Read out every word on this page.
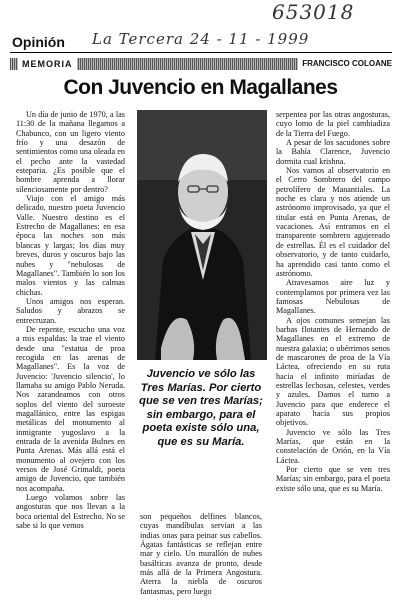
653018
Opinión La Tercera 24 - 11 - 1999
MEMORIA	FRANCISCO COLOANE
Con Juvencio en Magallanes

Un día de junio de 1970, a las 11:30 de la mañana llegamos a Chabunco, con un ligero viento frío y una desazón de sentimientos como una oleada en el pecho ante la vastedad esteparia. ¿Es posible que el hombre aprenda a llorar silenciosamente por dentro?

Viajo con el amigo más delicado, nuestro poeta Juvencio Valle. Nuestro destino es el Estrecho de Magallanes: en esa época las noches son más blancas y largas; los días muy breves, duros y oscuros bajo las nubes y "nebulosas de Magallanes". También lo son los malos vientos y las calmas chichas.

Unos amigos nos esperan. Saludos y abrazos se entrecruzan.

De repente, escucho una voz a mis espaldas: la trae el viento desde una "estatua de proa recogida en las arenas de Magallanes". Es la voz de Juvencio: 'Juvencio silencio', lo llamaba su amigo Pablo Neruda. Nos zarandeamos con otros soplos del viento del suroeste magallánico, entre las espigas metálicas del monumento al inmigrante yugoslavo a la entrada de la avenida Bulnes en Punta Arenas. Más allá está el monumento al ovejero con los versos de José Grimaldi, poeta amigo de Juvencio, que también nos acompaña.

Luego volamos sobre las angosturas que nos llevan a la boca oriental del Estrecho. No se sabe si lo que vemos

Juvencio ve sólo las Tres Marías. Por cierto que se ven tres Marías; sin embargo, para el poeta existe sólo una, que es su María.

son pequeños delfines blancos, cuyas mandíbulas servían a las indias onas para peinar sus cabellos. Ágatas fantásticas se reflejan entre mar y cielo. Un murallón de nubes basálticas avanza de pronto, desde más allá de la Primera Angostura. Aterra la niebla de oscuros fantasmas, pero luego

serpentea por las otras angosturas, cuyo lomo de la piel cambiadiza de la Tierra del Fuego.

A pesar de los sacudones sobre la Bahía Clarence, Juvencio dormita cual krishna.

Nos vamos al observatorio en el Cerro Sombrero del campo petrolífero de Manantiales. La noche es clara y nos atiende un astrónomo improvisado, ya que el titular está en Punta Arenas, de vacaciones. Así entramos en el transparente sombrero agujereado de estrellas. Él es el cuidador del observatorio, y de tanto cuidarlo, ha aprendido casi tanto como el astrónomo.

Atravesamos aire luz y contemplamos por primera vez las famosas Nebulosas de Magallanes.

A ojos comunes semejan las barbas flotantes de Hernando de Magallanes en el extremo de nuestra galaxia; o ubérrimos senos de mascarones de proa de la Vía Láctea, ofreciendo en su ruta hacia el infinito miríadas de estrellas lechosas, celestes, verdes y azules. Damos el turno a Juvencio para que enderece el aparato hacia sus propios objetivos.

Juvencio ve sólo las Tres Marías, que están en la constelación de Orión, en la Vía Láctea.

Por cierto que se ven tres Marías; sin embargo, para el poeta existe sólo una, que es su María.
